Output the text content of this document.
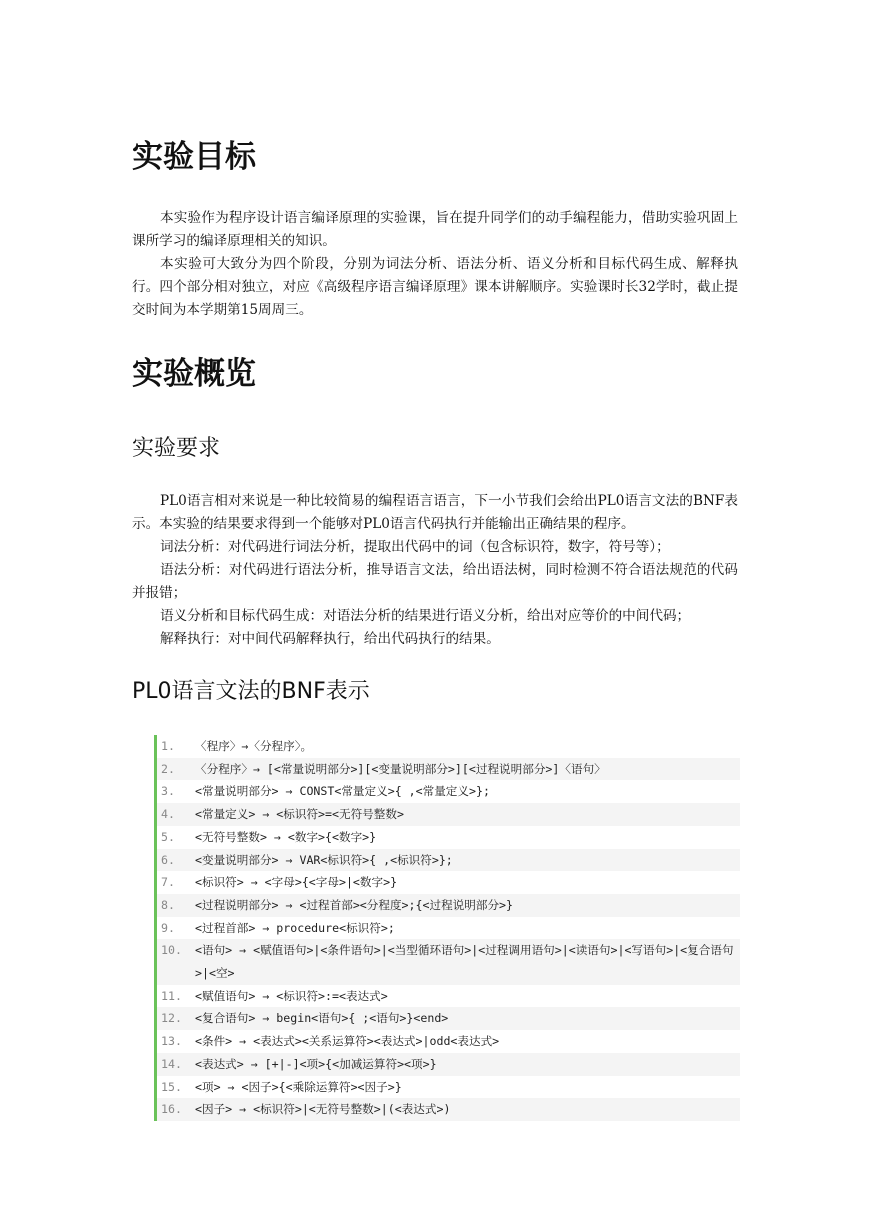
实验目标

本实验作为程序设计语言编译原理的实验课，旨在提升同学们的动手编程能力，借助实验巩固上课所学习的编译原理相关的知识。

本实验可大致分为四个阶段，分别为词法分析、语法分析、语义分析和目标代码生成、解释执行。四个部分相对独立，对应《高级程序语言编译原理》课本讲解顺序。实验课时长32学时，截止提交时间为本学期第15周周三。

实验概览
实验要求

PL0语言相对来说是一种比较简易的编程语言语言，下一小节我们会给出PL0语言文法的BNF表示。本实验的结果要求得到一个能够对PL0语言代码执行并能输出正确结果的程序。

词法分析：对代码进行词法分析，提取出代码中的词（包含标识符，数字，符号等）；

语法分析：对代码进行语法分析，推导语言文法，给出语法树，同时检测不符合语法规范的代码并报错；

语义分析和目标代码生成：对语法分析的结果进行语义分析，给出对应等价的中间代码；

解释执行：对中间代码解释执行，给出代码执行的结果。

PL0语言文法的BNF表示
1.	〈程序〉→〈分程序〉。
2.	〈分程序〉→ [<常量说明部分>][<变量说明部分>][<过程说明部分>]〈语句〉
3.	<常量说明部分> → CONST<常量定义>{ ,<常量定义>};
4.	<常量定义> → <标识符>=<无符号整数>
5.	<无符号整数> → <数字>{<数字>}
6.	<变量说明部分> → VAR<标识符>{ ,<标识符>};
7.	<标识符> → <字母>{<字母>|<数字>}
8.	<过程说明部分> → <过程首部><分程度>;{<过程说明部分>}
9.	<过程首部> → procedure<标识符>;
10.	<语句> → <赋值语句>|<条件语句>|<当型循环语句>|<过程调用语句>|<读语句>|<写语句>|<复合语句>|<空>
11.	<赋值语句> → <标识符>:=<表达式>
12.	<复合语句> → begin<语句>{ ;<语句>}<end>
13.	<条件> → <表达式><关系运算符><表达式>|odd<表达式>
14.	<表达式> → [+|-]<项>{<加减运算符><项>}
15.	<项> → <因子>{<乘除运算符><因子>}
16.	<因子> → <标识符>|<无符号整数>|(<表达式>)
